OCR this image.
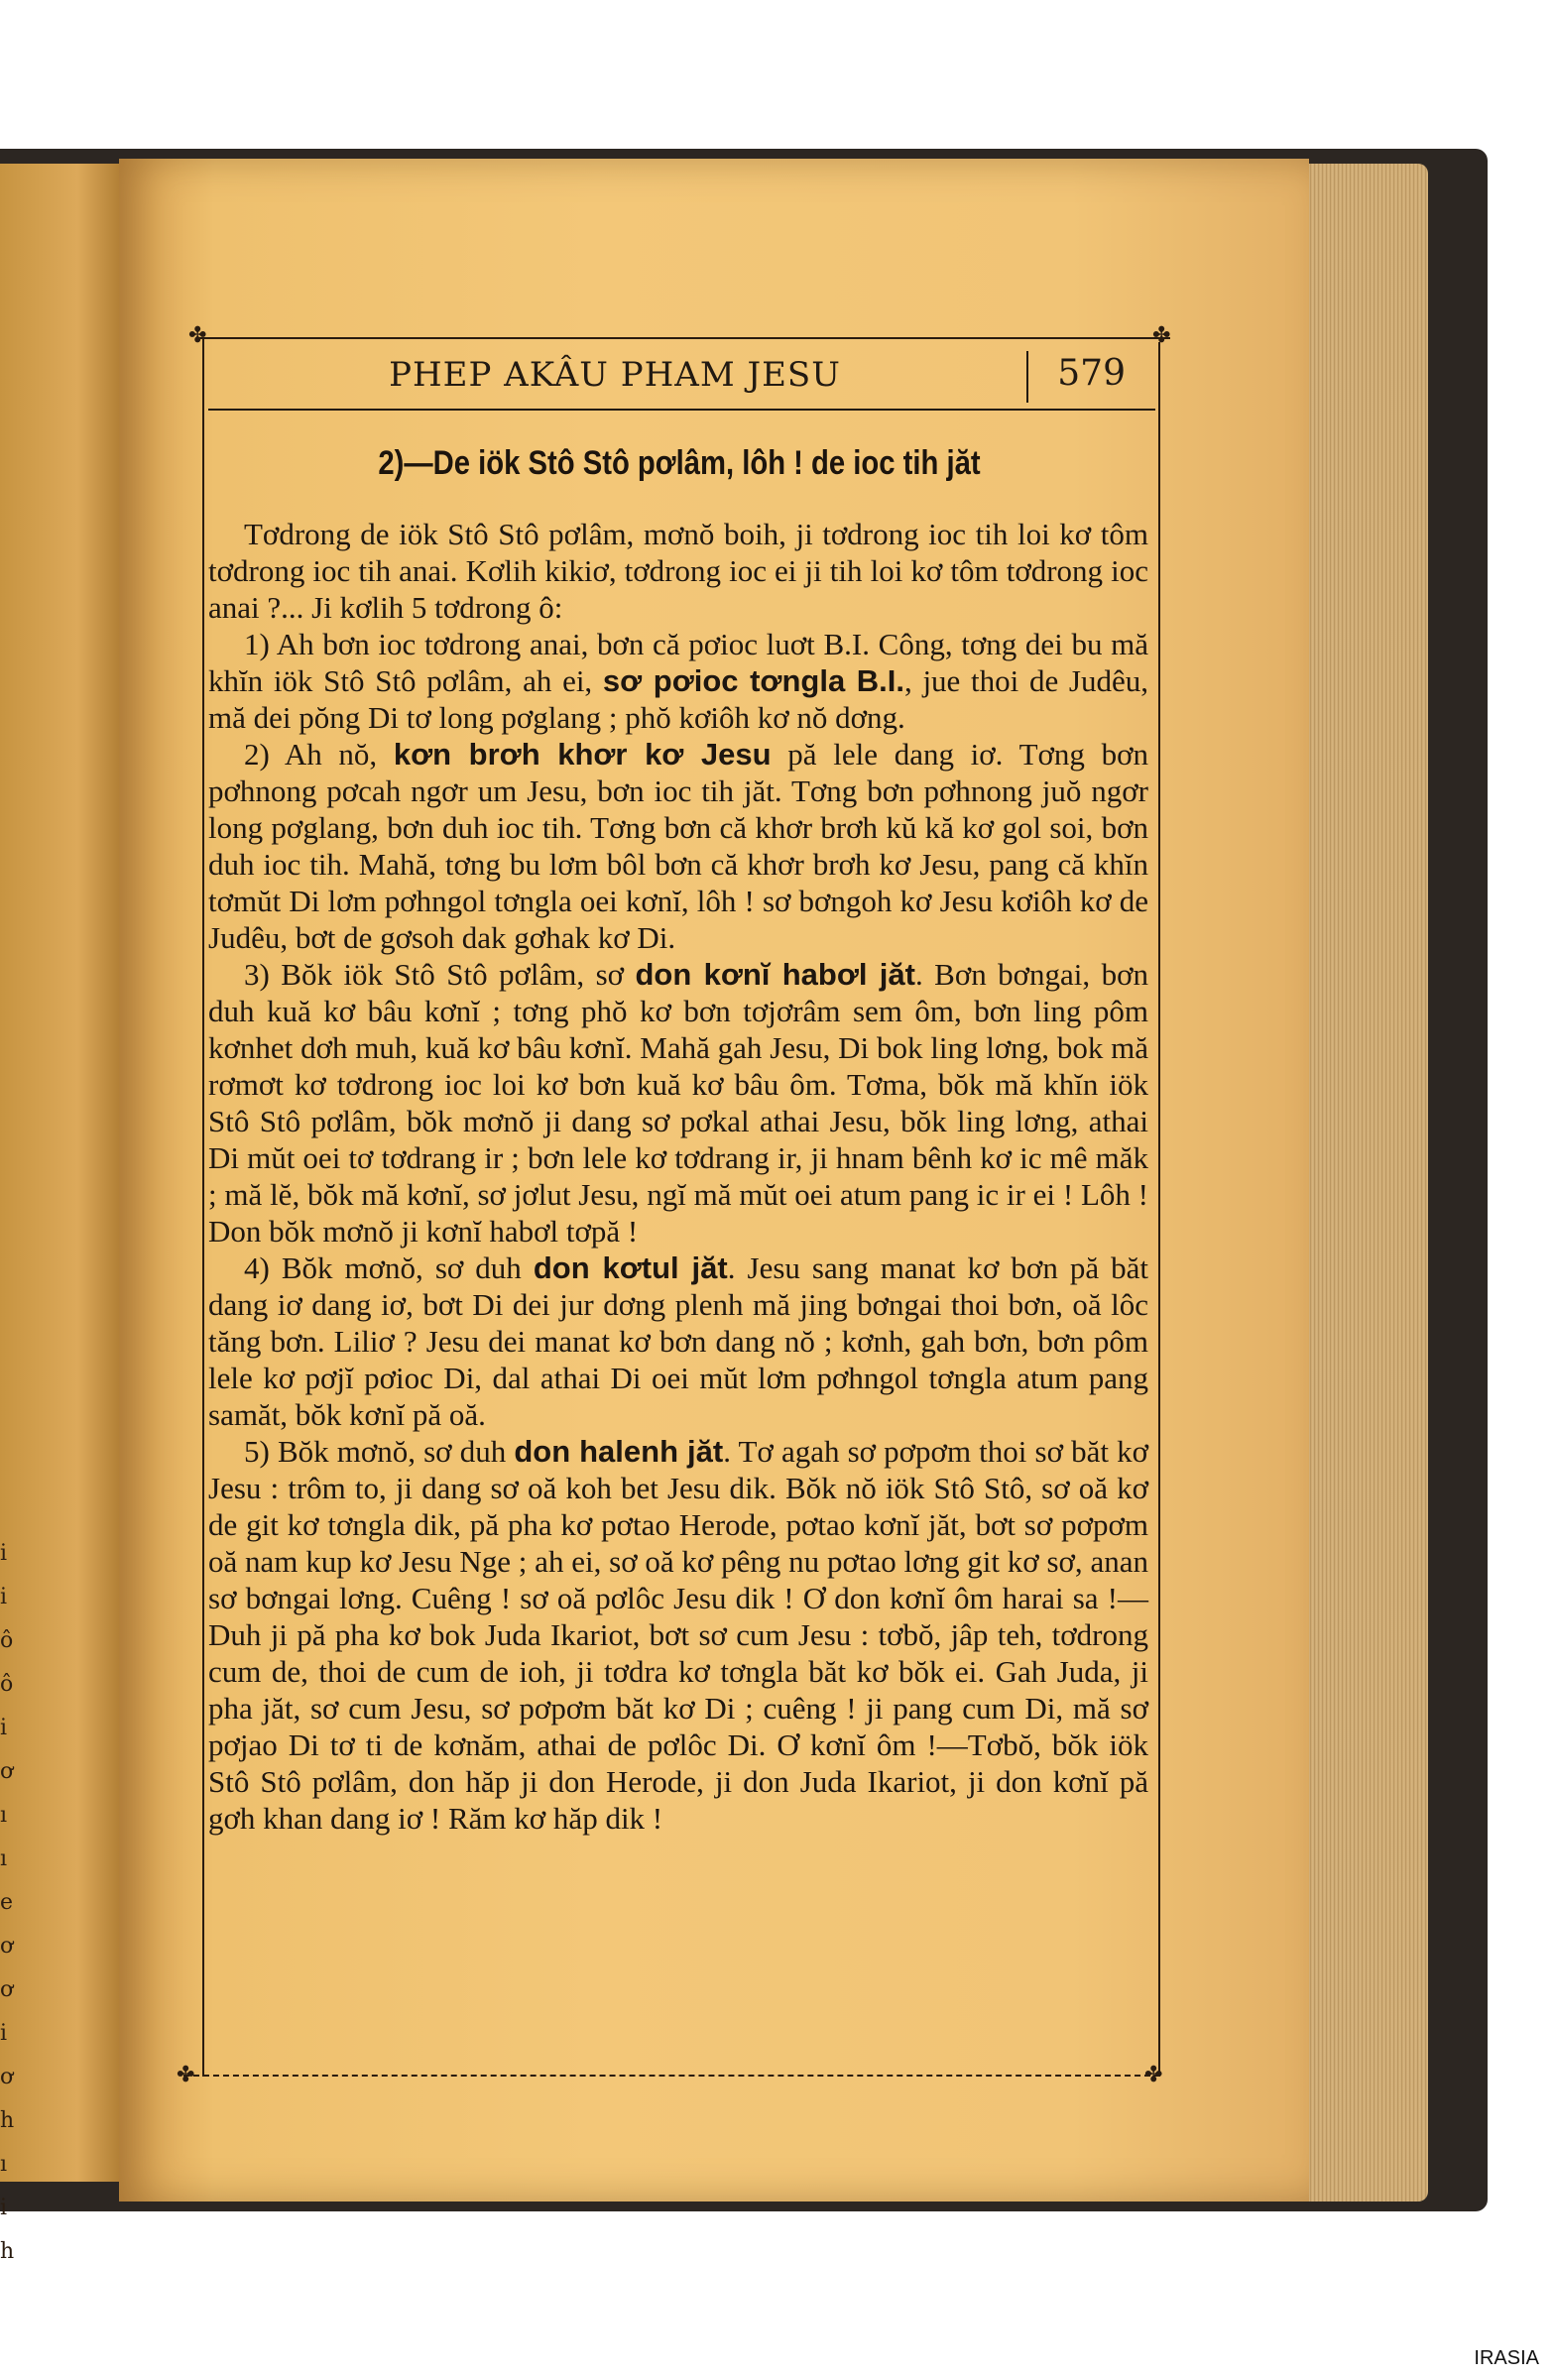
i
i
ô
ô
i
ơ
ı
ı
e
ơ
ơ
i
ơ
h
ı
i
h
✤	✤
✤	✤
PHEP AKÂU PHAM JESU	579
2)—De iök Stô Stô pơlâm, lôh ! de ioc tih jăt

Tơdrong de iök Stô Stô pơlâm, mơnŏ boih, ji tơdrong ioc tih loi kơ tôm tơdrong ioc tih anai. Kơlih kikiơ, tơdrong ioc ei ji tih loi kơ tôm tơdrong ioc anai ?... Ji kơlih 5 tơdrong ô:

1) Ah bơn ioc tơdrong anai, bơn că pơioc luơt B.I. Công, tơng dei bu mă khĭn iök Stô Stô pơlâm, ah ei, sơ pơioc tơngla B.I., jue thoi de Judêu, mă dei pŏng Di tơ long pơglang ; phŏ kơiôh kơ nŏ dơng.

2) Ah nŏ, kơn brơh khơr kơ Jesu pă lele dang iơ. Tơng bơn pơhnong pơcah ngơr um Jesu, bơn ioc tih jăt. Tơng bơn pơhnong juŏ ngơr long pơglang, bơn duh ioc tih. Tơng bơn că khơr brơh kŭ kă kơ gol soi, bơn duh ioc tih. Mahă, tơng bu lơm bôl bơn că khơr brơh kơ Jesu, pang că khĭn tơmŭt Di lơm pơhngol tơngla oei kơnĭ, lôh ! sơ bơngoh kơ Jesu kơiôh kơ de Judêu, bơt de gơsoh dak gơhak kơ Di.

3) Bŏk iök Stô Stô pơlâm, sơ don kơnĭ habơl jăt. Bơn bơngai, bơn duh kuă kơ bâu kơnĭ ; tơng phŏ kơ bơn tơjơrâm sem ôm, bơn ling pôm kơnhet dơh muh, kuă kơ bâu kơnĭ. Mahă gah Jesu, Di bok ling lơng, bok mă rơmơt kơ tơdrong ioc loi kơ bơn kuă kơ bâu ôm. Tơma, bŏk mă khĭn iök Stô Stô pơlâm, bŏk mơnŏ ji dang sơ pơkal athai Jesu, bŏk ling lơng, athai Di mŭt oei tơ tơdrang ir ; bơn lele kơ tơdrang ir, ji hnam bênh kơ ic mê măk ; mă lĕ, bŏk mă kơnĭ, sơ jơlut Jesu, ngĭ mă mŭt oei atum pang ic ir ei ! Lôh ! Don bŏk mơnŏ ji kơnĭ habơl tơpă !

4) Bŏk mơnŏ, sơ duh don kơtul jăt. Jesu sang manat kơ bơn pă băt dang iơ dang iơ, bơt Di dei jur dơng plenh mă jing bơngai thoi bơn, oă lôc tăng bơn. Liliơ ? Jesu dei manat kơ bơn dang nŏ ; kơnh, gah bơn, bơn pôm lele kơ pơjĭ pơioc Di, dal athai Di oei mŭt lơm pơhngol tơngla atum pang samăt, bŏk kơnĭ pă oă.

5) Bŏk mơnŏ, sơ duh don halenh jăt. Tơ agah sơ pơpơm thoi sơ băt kơ Jesu : trôm to, ji dang sơ oă koh bet Jesu dik. Bŏk nŏ iök Stô Stô, sơ oă kơ de git kơ tơngla dik, pă pha kơ pơtao Herode, pơtao kơnĭ jăt, bơt sơ pơpơm oă nam kup kơ Jesu Nge ; ah ei, sơ oă kơ pêng nu pơtao lơng git kơ sơ, anan sơ bơngai lơng. Cuêng ! sơ oă pơlôc Jesu dik ! Ơ don kơnĭ ôm harai sa !—Duh ji pă pha kơ bok Juda Ikariot, bơt sơ cum Jesu : tơbŏ, jâp teh, tơdrong cum de, thoi de cum de ioh, ji tơdra kơ tơngla băt kơ bŏk ei. Gah Juda, ji pha jăt, sơ cum Jesu, sơ pơpơm băt kơ Di ; cuêng ! ji pang cum Di, mă sơ pơjao Di tơ ti de kơnăm, athai de pơlôc Di. Ơ kơnĭ ôm !—Tơbŏ, bŏk iök Stô Stô pơlâm, don hăp ji don Herode, ji don Juda Ikariot, ji don kơnĭ pă gơh khan dang iơ ! Răm kơ hăp dik !

IRASIA
